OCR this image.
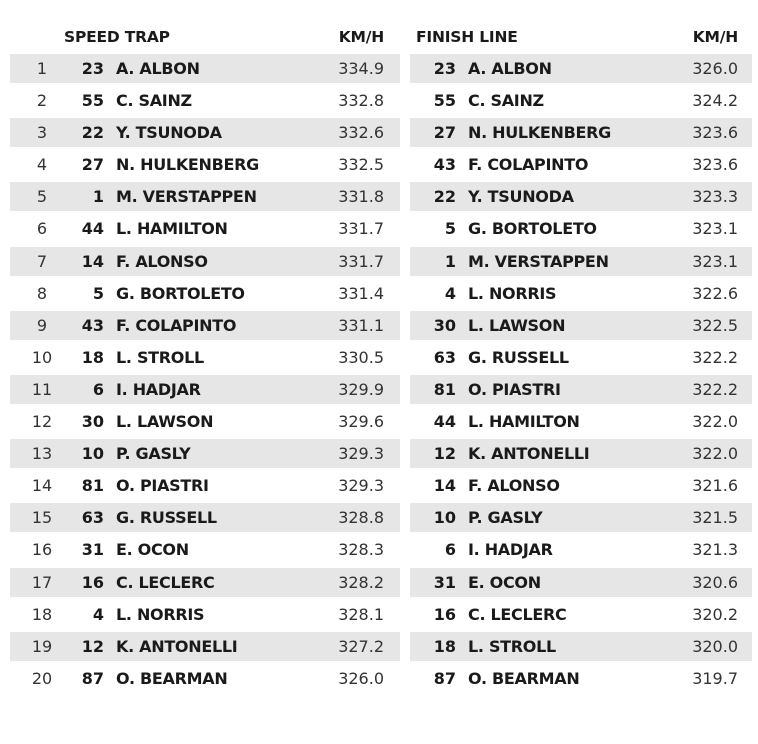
SPEED TRAP	KM/H
1	23 A. ALBON	334.9
2	55 C. SAINZ	332.8
3	22 Y. TSUNODA	332.6
4	27 N. HULKENBERG	332.5
5	1 M. VERSTAPPEN	331.8
6	44 L. HAMILTON	331.7
7	14 F. ALONSO	331.7
8	5 G. BORTOLETO	331.4
9	43 F. COLAPINTO	331.1
10	18 L. STROLL	330.5
11	6 I. HADJAR	329.9
12	30 L. LAWSON	329.6
13	10 P. GASLY	329.3
14	81 O. PIASTRI	329.3
15	63 G. RUSSELL	328.8
16	31 E. OCON	328.3
17	16 C. LECLERC	328.2
18	4 L. NORRIS	328.1
19	12 K. ANTONELLI	327.2
20	87 O. BEARMAN	326.0
FINISH LINE	KM/H
23 A. ALBON	326.0
55 C. SAINZ	324.2
27 N. HULKENBERG	323.6
43 F. COLAPINTO	323.6
22 Y. TSUNODA	323.3
5 G. BORTOLETO	323.1
1 M. VERSTAPPEN	323.1
4 L. NORRIS	322.6
30 L. LAWSON	322.5
63 G. RUSSELL	322.2
81 O. PIASTRI	322.2
44 L. HAMILTON	322.0
12 K. ANTONELLI	322.0
14 F. ALONSO	321.6
10 P. GASLY	321.5
6 I. HADJAR	321.3
31 E. OCON	320.6
16 C. LECLERC	320.2
18 L. STROLL	320.0
87 O. BEARMAN	319.7
